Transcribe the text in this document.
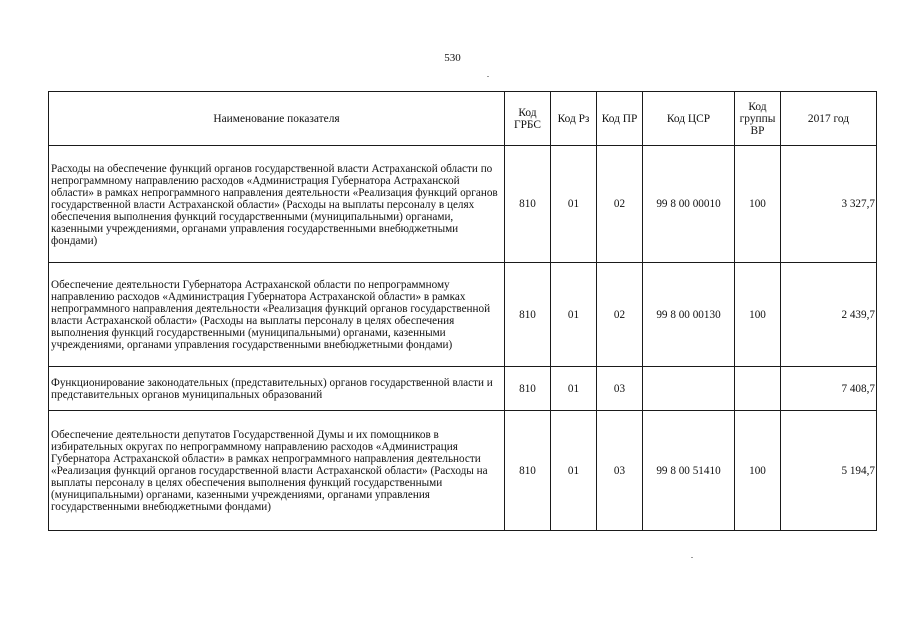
530
Наименование показателя	Код ГРБС	Код Рз	Код ПР	Код ЦСР	Код группы ВР	2017 год
Расходы на обеспечение функций органов государственной власти Астраханской области по непрограммному направлению расходов «Администрация Губернатора Астраханской области» в рамках непрограммного направления деятельности «Реализация функций органов государственной власти Астраханской области» (Расходы на выплаты персоналу в целях обеспечения выполнения функций государственными (муниципальными) органами, казенными учреждениями, органами управления государственными внебюджетными фондами)	810	01	02	99 8 00 00010	100	3 327,7
Обеспечение деятельности Губернатора Астраханской области по непрограммному направлению расходов «Администрация Губернатора Астраханской области» в рамках непрограммного направления деятельности «Реализация функций органов государственной власти Астраханской области» (Расходы на выплаты персоналу в целях обеспечения выполнения функций государственными (муниципальными) органами, казенными учреждениями, органами управления государственными внебюджетными фондами)	810	01	02	99 8 00 00130	100	2 439,7
Функционирование законодательных (представительных) органов государственной власти и представительных органов муниципальных образований	810	01	03			7 408,7
Обеспечение деятельности депутатов Государственной Думы и их помощников в избирательных округах по непрограммному направлению расходов «Администрация Губернатора Астраханской области» в рамках непрограммного направления деятельности «Реализация функций органов государственной власти Астраханской области» (Расходы на выплаты персоналу в целях обеспечения выполнения функций государственными (муниципальными) органами, казенными учреждениями, органами управления государственными внебюджетными фондами)	810	01	03	99 8 00 51410	100	5 194,7
